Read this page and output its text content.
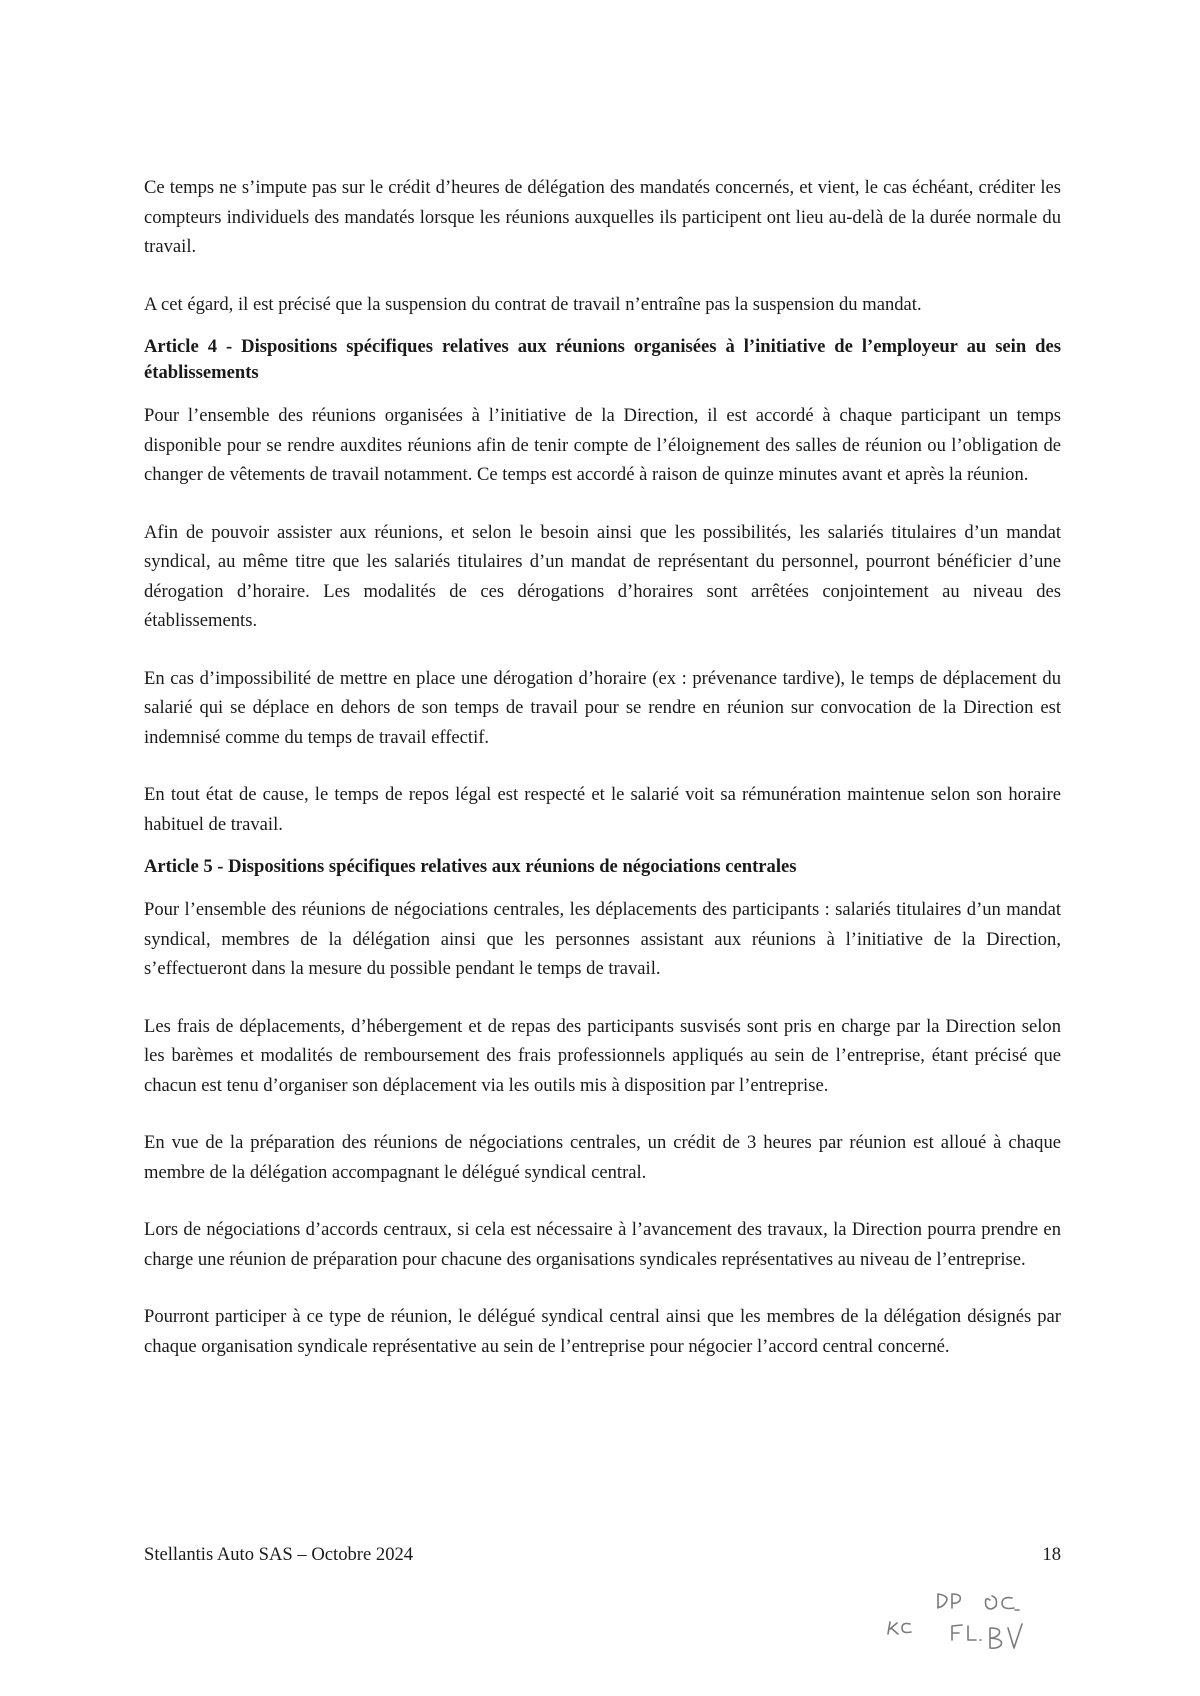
Ce temps ne s’impute pas sur le crédit d’heures de délégation des mandatés concernés, et vient, le cas échéant, créditer les compteurs individuels des mandatés lorsque les réunions auxquelles ils participent ont lieu au-delà de la durée normale du travail.

A cet égard, il est précisé que la suspension du contrat de travail n’entraîne pas la suspension du mandat.

Article 4 - Dispositions spécifiques relatives aux réunions organisées à l’initiative de l’employeur au sein des établissements

Pour l’ensemble des réunions organisées à l’initiative de la Direction, il est accordé à chaque participant un temps disponible pour se rendre auxdites réunions afin de tenir compte de l’éloignement des salles de réunion ou l’obligation de changer de vêtements de travail notamment. Ce temps est accordé à raison de quinze minutes avant et après la réunion.

Afin de pouvoir assister aux réunions, et selon le besoin ainsi que les possibilités, les salariés titulaires d’un mandat syndical, au même titre que les salariés titulaires d’un mandat de représentant du personnel, pourront bénéficier d’une dérogation d’horaire. Les modalités de ces dérogations d’horaires sont arrêtées conjointement au niveau des établissements.

En cas d’impossibilité de mettre en place une dérogation d’horaire (ex : prévenance tardive), le temps de déplacement du salarié qui se déplace en dehors de son temps de travail pour se rendre en réunion sur convocation de la Direction est indemnisé comme du temps de travail effectif.

En tout état de cause, le temps de repos légal est respecté et le salarié voit sa rémunération maintenue selon son horaire habituel de travail.

Article 5 - Dispositions spécifiques relatives aux réunions de négociations centrales

Pour l’ensemble des réunions de négociations centrales, les déplacements des participants : salariés titulaires d’un mandat syndical, membres de la délégation ainsi que les personnes assistant aux réunions à l’initiative de la Direction, s’effectueront dans la mesure du possible pendant le temps de travail.

Les frais de déplacements, d’hébergement et de repas des participants susvisés sont pris en charge par la Direction selon les barèmes et modalités de remboursement des frais professionnels appliqués au sein de l’entreprise, étant précisé que chacun est tenu d’organiser son déplacement via les outils mis à disposition par l’entreprise.

En vue de la préparation des réunions de négociations centrales, un crédit de 3 heures par réunion est alloué à chaque membre de la délégation accompagnant le délégué syndical central.

Lors de négociations d’accords centraux, si cela est nécessaire à l’avancement des travaux, la Direction pourra prendre en charge une réunion de préparation pour chacune des organisations syndicales représentatives au niveau de l’entreprise.

Pourront participer à ce type de réunion, le délégué syndical central ainsi que les membres de la délégation désignés par chaque organisation syndicale représentative au sein de l’entreprise pour négocier l’accord central concerné.

Stellantis Auto SAS – Octobre 2024	18
